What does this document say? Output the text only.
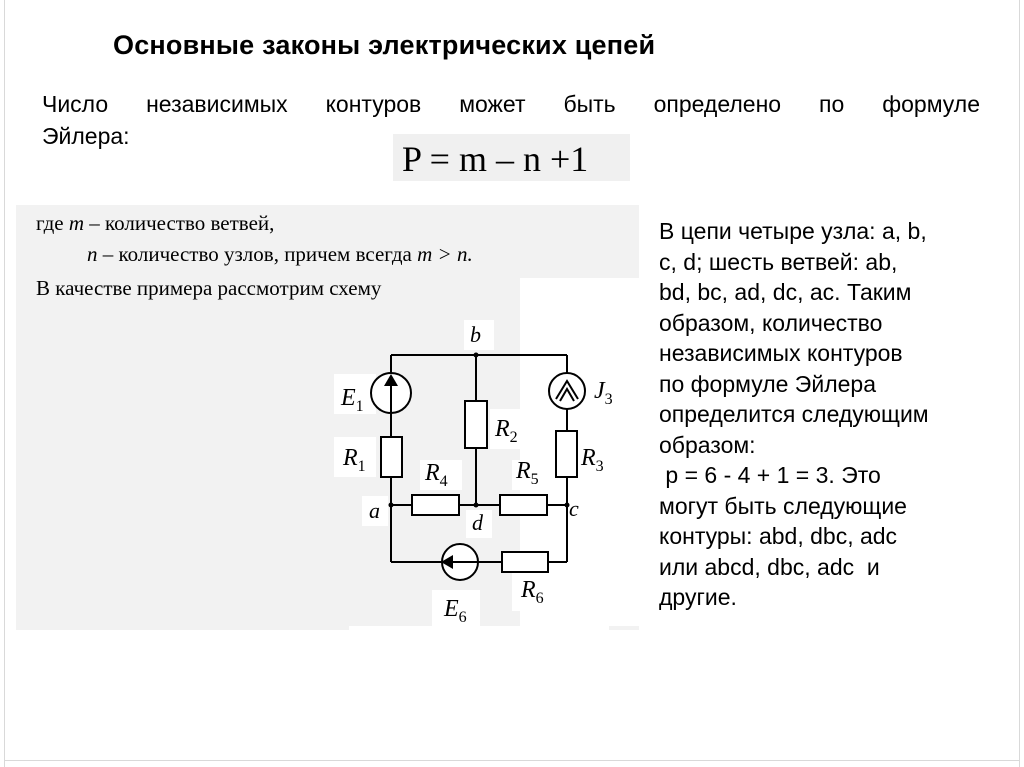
Основные законы электрических цепей
Число независимых контуров может быть определено по формуле
Эйлера:
P = m – n +1
где m – количество ветвей,
n – количество узлов, причем всегда m > n.
В качестве примера рассмотрим схему
b
a	c
d
$E_1$
$J_3$
$R_1$
$R_2$
$R_3$
$R_4$	$R_5$
$R_6$
$E_6$
В цепи четыре узла: a, b,
c, d; шесть ветвей: ab,
bd, bc, ad, dc, ac. Таким
образом, количество
независимых контуров
по формуле Эйлера
определится следующим
образом:
p = 6 - 4 + 1 = 3. Это
могут быть следующие
контуры: abd, dbc, adc
или abcd, dbc, adc  и
другие.
